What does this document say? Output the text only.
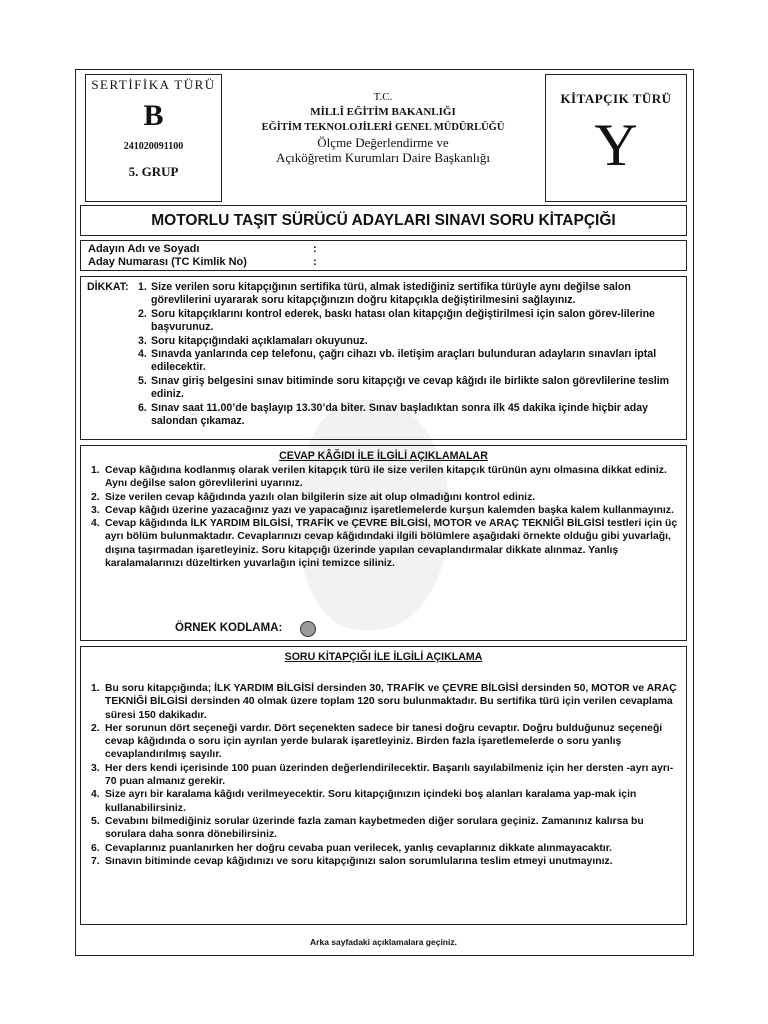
SERTİFİKA TÜRÜ
B
241020091100
5. GRUP
T.C.
MİLLÎ EĞİTİM BAKANLIĞI
EĞİTİM TEKNOLOJİLERİ GENEL MÜDÜRLÜĞÜ
Ölçme Değerlendirme ve
Açıköğretim Kurumları Daire Başkanlığı
KİTAPÇIK TÜRÜ
Y
MOTORLU TAŞIT SÜRÜCÜ ADAYLARI SINAVI SORU KİTAPÇIĞI
Adayın Adı ve Soyadı	:
Aday Numarası (TC Kimlik No)	:
DİKKAT: 1. Size verilen soru kitapçığının sertifika türü, almak istediğiniz sertifika türüyle aynı değilse salon görevlilerini uyararak soru kitapçığınızın doğru kitapçıkla değiştirilmesini sağlayınız.
2. Soru kitapçıklarını kontrol ederek, baskı hatası olan kitapçığın değiştirilmesi için salon görev-lilerine başvurunuz.
3. Soru kitapçığındaki açıklamaları okuyunuz.
4. Sınavda yanlarında cep telefonu, çağrı cihazı vb. iletişim araçları bulunduran adayların sınavları iptal edilecektir.
5. Sınav giriş belgesini sınav bitiminde soru kitapçığı ve cevap kâğıdı ile birlikte salon görevlilerine teslim ediniz.
6. Sınav saat 11.00’de başlayıp 13.30’da biter. Sınav başladıktan sonra ilk 45 dakika içinde hiçbir aday salondan çıkamaz.
CEVAP KÂĞIDI İLE İLGİLİ AÇIKLAMALAR
1. Cevap kâğıdına kodlanmış olarak verilen kitapçık türü ile size verilen kitapçık türünün aynı olmasına dikkat ediniz. Aynı değilse salon görevlilerini uyarınız.
2. Size verilen cevap kâğıdında yazılı olan bilgilerin size ait olup olmadığını kontrol ediniz.
3. Cevap kâğıdı üzerine yazacağınız yazı ve yapacağınız işaretlemelerde kurşun kalemden başka kalem kullanmayınız.
4. Cevap kâğıdında İLK YARDIM BİLGİSİ, TRAFİK ve ÇEVRE BİLGİSİ, MOTOR ve ARAÇ TEKNİĞİ BİLGİSİ testleri için üç ayrı bölüm bulunmaktadır. Cevaplarınızı cevap kâğıdındaki ilgili bölümlere aşağıdaki örnekte olduğu gibi yuvarlağı, dışına taşırmadan işaretleyiniz. Soru kitapçığı üzerinde yapılan cevaplandırmalar dikkate alınmaz. Yanlış karalamalarınızı düzeltirken yuvarlağın içini temizce siliniz.
ÖRNEK KODLAMA:
SORU KİTAPÇIĞI İLE İLGİLİ AÇIKLAMA
1. Bu soru kitapçığında; İLK YARDIM BİLGİSİ dersinden 30, TRAFİK ve ÇEVRE BİLGİSİ dersinden 50, MOTOR ve ARAÇ TEKNİĞİ BİLGİSİ dersinden 40 olmak üzere toplam 120 soru bulunmaktadır. Bu sertifika türü için verilen cevaplama süresi 150 dakikadır.
2. Her sorunun dört seçeneği vardır. Dört seçenekten sadece bir tanesi doğru cevaptır. Doğru bulduğunuz seçeneği cevap kâğıdında o soru için ayrılan yerde bularak işaretleyiniz. Birden fazla işaretlemelerde o soru yanlış cevaplandırılmış sayılır.
3. Her ders kendi içerisinde 100 puan üzerinden değerlendirilecektir. Başarılı sayılabilmeniz için her dersten -ayrı ayrı- 70 puan almanız gerekir.
4. Size ayrı bir karalama kâğıdı verilmeyecektir. Soru kitapçığınızın içindeki boş alanları karalama yap-mak için kullanabilirsiniz.
5. Cevabını bilmediğiniz sorular üzerinde fazla zaman kaybetmeden diğer sorulara geçiniz. Zamanınız kalırsa bu sorulara daha sonra dönebilirsiniz.
6. Cevaplarınız puanlanırken her doğru cevaba puan verilecek, yanlış cevaplarınız dikkate alınmayacaktır.
7. Sınavın bitiminde cevap kâğıdınızı ve soru kitapçığınızı salon sorumlularına teslim etmeyi unutmayınız.
Arka sayfadaki açıklamalara geçiniz.
